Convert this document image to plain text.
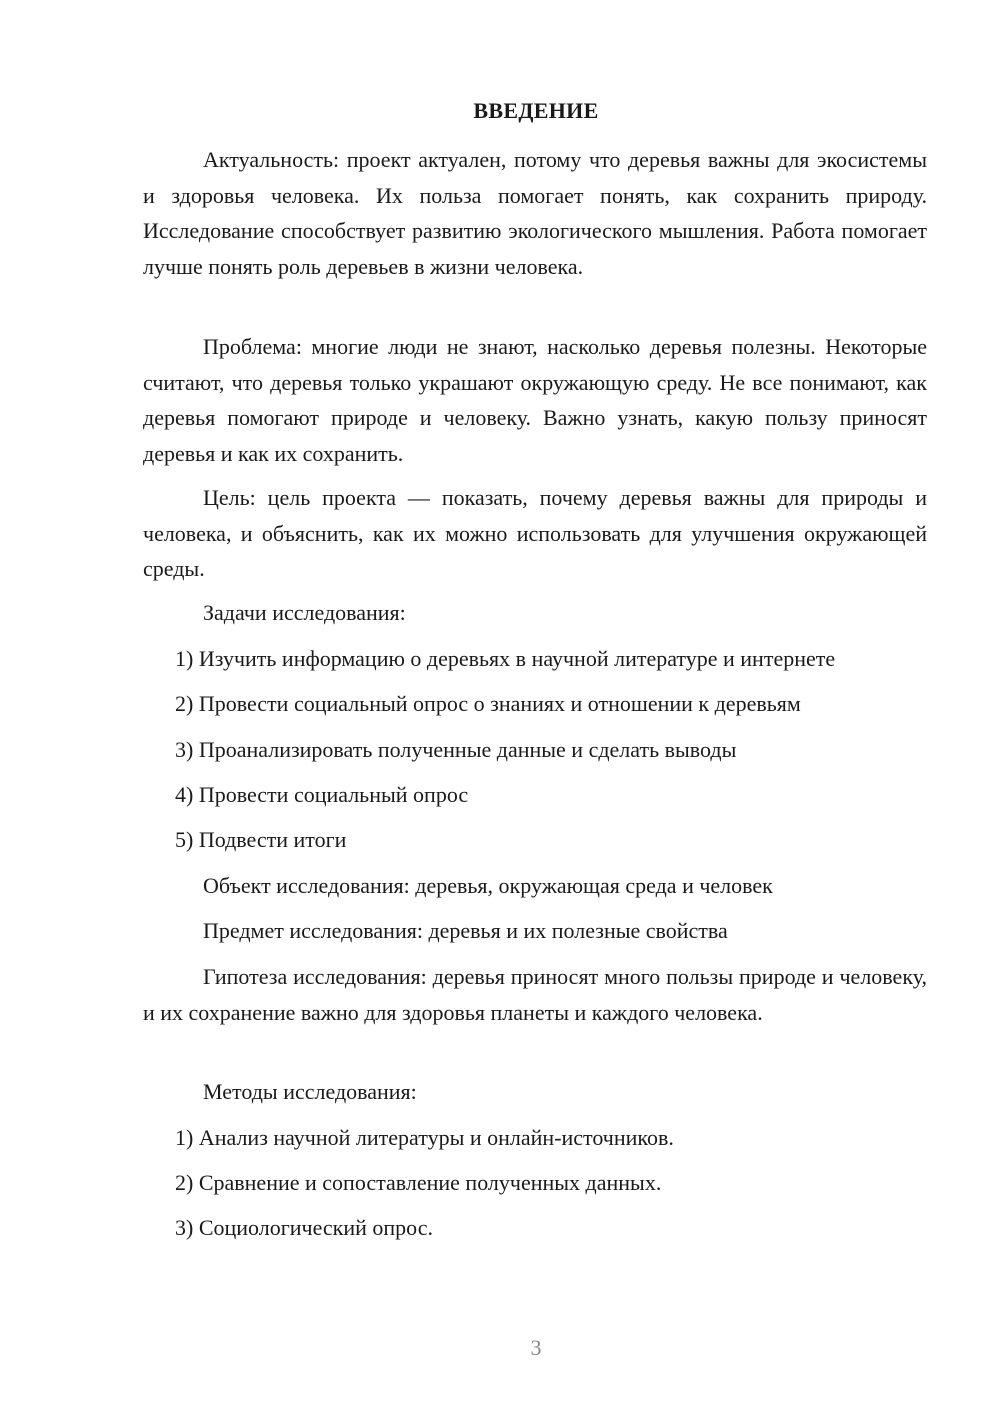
ВВЕДЕНИЕ

Актуальность: проект актуален, потому что деревья важны для экосистемы и здоровья человека. Их польза помогает понять, как сохранить природу. Исследование способствует развитию экологического мышления. Работа помогает лучше понять роль деревьев в жизни человека.

Проблема: многие люди не знают, насколько деревья полезны. Некоторые считают, что деревья только украшают окружающую среду. Не все понимают, как деревья помогают природе и человеку. Важно узнать, какую пользу приносят деревья и как их сохранить.

Цель: цель проекта — показать, почему деревья важны для природы и человека, и объяснить, как их можно использовать для улучшения окружающей среды.

Задачи исследования:

1) Изучить информацию о деревьях в научной литературе и интернете

2) Провести социальный опрос о знаниях и отношении к деревьям

3) Проанализировать полученные данные и сделать выводы

4) Провести социальный опрос

5) Подвести итоги

Объект исследования: деревья, окружающая среда и человек

Предмет исследования: деревья и их полезные свойства

Гипотеза исследования: деревья приносят много пользы природе и человеку, и их сохранение важно для здоровья планеты и каждого человека.

Методы исследования:

1) Анализ научной литературы и онлайн-источников.

2) Сравнение и сопоставление полученных данных.

3) Социологический опрос.

3
